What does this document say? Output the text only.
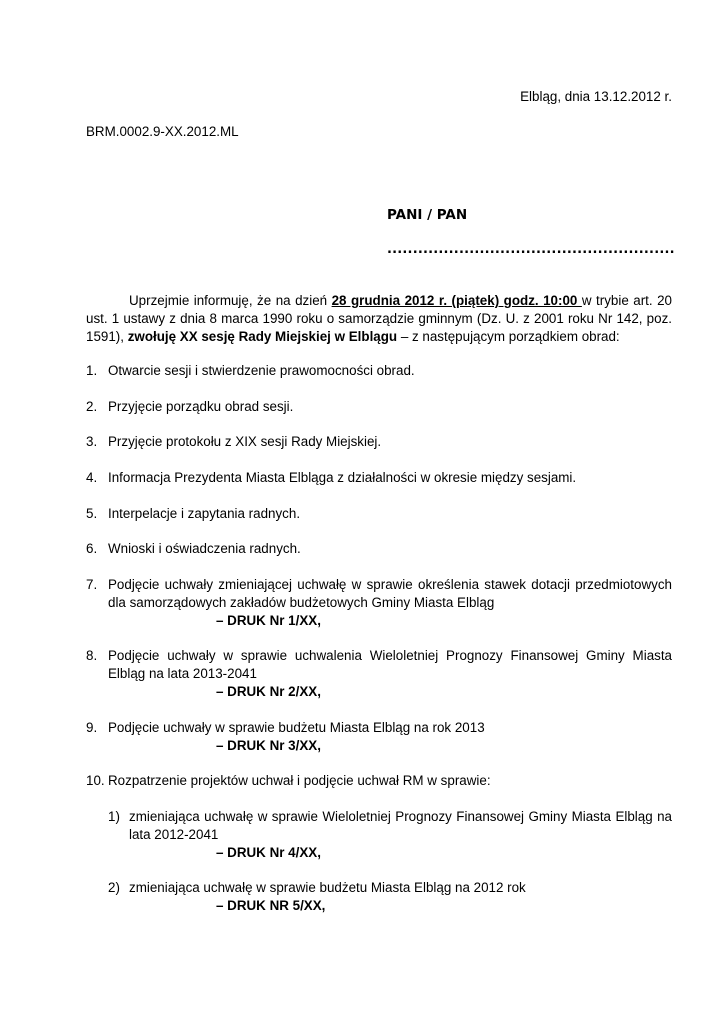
Elbląg, dnia 13.12.2012 r.
BRM.0002.9-XX.2012.ML
PANI / PAN
........................................................

Uprzejmie informuję, że na dzień 28 grudnia 2012 r. (piątek) godz. 10:00 w trybie art. 20 ust. 1 ustawy z dnia 8 marca 1990 roku o samorządzie gminnym (Dz. U. z 2001 roku Nr 142, poz. 1591), zwołuję XX sesję Rady Miejskiej w Elblągu – z następującym porządkiem obrad:

1. Otwarcie sesji i stwierdzenie prawomocności obrad.
2. Przyjęcie porządku obrad sesji.
3. Przyjęcie protokołu z XIX sesji Rady Miejskiej.
4. Informacja Prezydenta Miasta Elbląga z działalności w okresie między sesjami.
5. Interpelacje i zapytania radnych.
6. Wnioski i oświadczenia radnych.
7. Podjęcie uchwały zmieniającej uchwałę w sprawie określenia stawek dotacji przedmiotowych dla samorządowych zakładów budżetowych Gminy Miasta Elbląg
– DRUK Nr 1/XX,
8. Podjęcie uchwały w sprawie uchwalenia Wieloletniej Prognozy Finansowej Gminy Miasta Elbląg na lata 2013-2041
– DRUK Nr 2/XX,
9. Podjęcie uchwały w sprawie budżetu Miasta Elbląg na rok 2013
– DRUK Nr 3/XX,
10. Rozpatrzenie projektów uchwał i podjęcie uchwał RM w sprawie:
1) zmieniająca uchwałę w sprawie Wieloletniej Prognozy Finansowej Gminy Miasta Elbląg na lata 2012-2041
– DRUK Nr 4/XX,
2) zmieniająca uchwałę w sprawie budżetu Miasta Elbląg na 2012 rok
– DRUK NR 5/XX,
